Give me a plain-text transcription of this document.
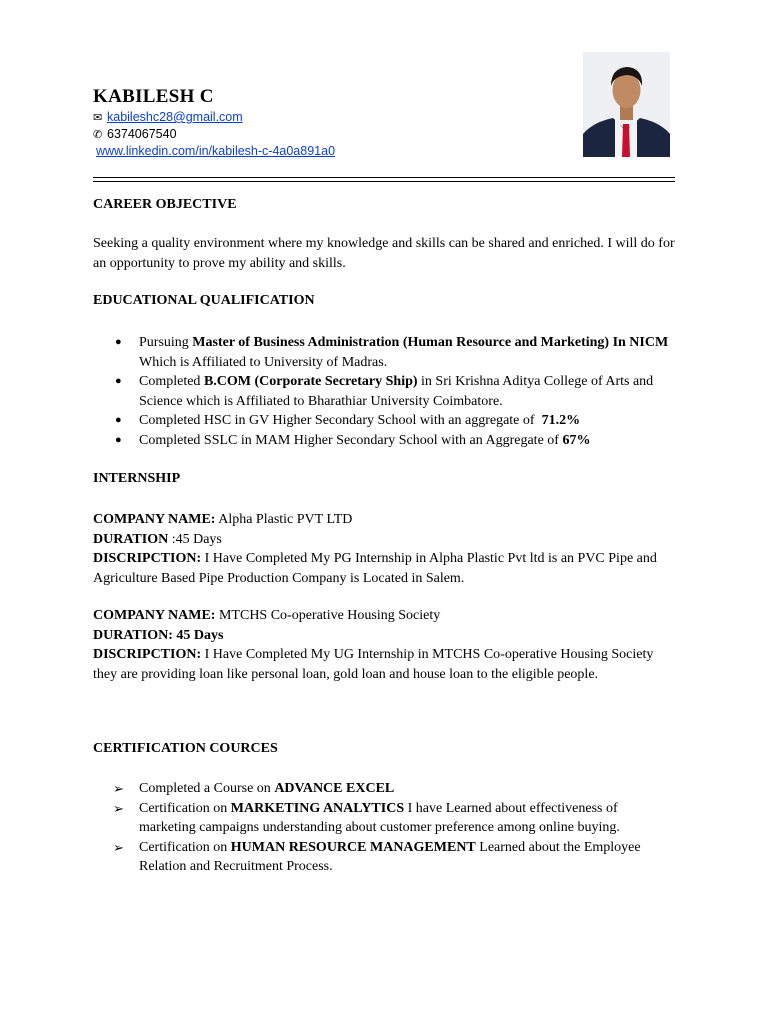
KABILESH C
✉ kabileshc28@gmail.com
✆ 6374067540
www.linkedin.com/in/kabilesh-c-4a0a891a0
CAREER OBJECTIVE
Seeking a quality environment where my knowledge and skills can be shared and enriched. I will do for an opportunity to prove my ability and skills.
EDUCATIONAL QUALIFICATION
● Pursuing Master of Business Administration (Human Resource and Marketing) In NICM Which is Affiliated to University of Madras.
● Completed B.COM (Corporate Secretary Ship) in Sri Krishna Aditya College of Arts and Science which is Affiliated to Bharathiar University Coimbatore.
● Completed HSC in GV Higher Secondary School with an aggregate of  71.2%
● Completed SSLC in MAM Higher Secondary School with an Aggregate of 67%
INTERNSHIP
COMPANY NAME: Alpha Plastic PVT LTD
DURATION :45 Days
DISCRIPCTION: I Have Completed My PG Internship in Alpha Plastic Pvt ltd is an PVC Pipe and Agriculture Based Pipe Production Company is Located in Salem.
COMPANY NAME: MTCHS Co-operative Housing Society
DURATION: 45 Days
DISCRIPCTION: I Have Completed My UG Internship in MTCHS Co-operative Housing Society they are providing loan like personal loan, gold loan and house loan to the eligible people.
CERTIFICATION COURCES
➢ Completed a Course on ADVANCE EXCEL
➢ Certification on MARKETING ANALYTICS I have Learned about effectiveness of marketing campaigns understanding about customer preference among online buying.
➢ Certification on HUMAN RESOURCE MANAGEMENT Learned about the Employee Relation and Recruitment Process.
